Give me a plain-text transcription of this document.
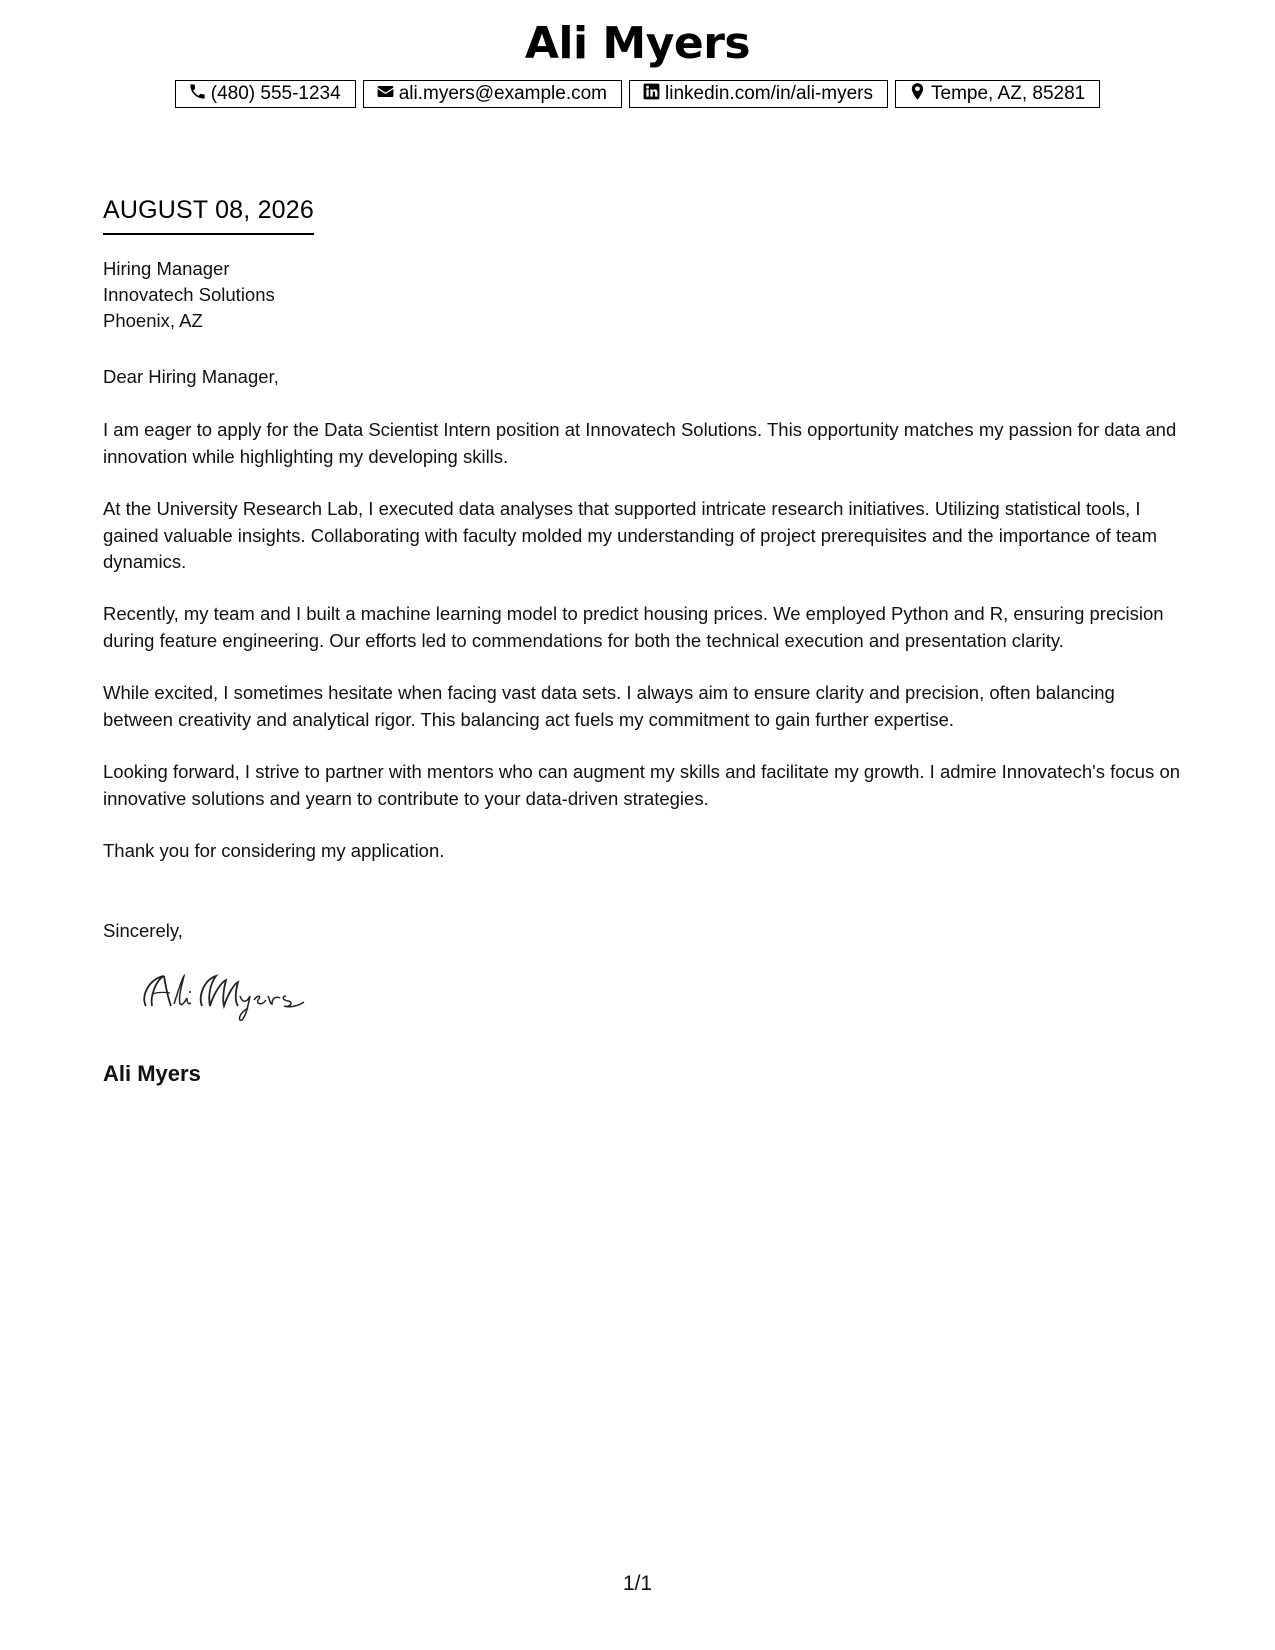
Ali Myers
(480) 555-1234	ali.myers@example.com	linkedin.com/in/ali-myers	Tempe, AZ, 85281
AUGUST 08, 2026
Hiring Manager
Innovatech Solutions
Phoenix, AZ
Dear Hiring Manager,
I am eager to apply for the Data Scientist Intern position at Innovatech Solutions. This opportunity matches my passion for data and innovation while highlighting my developing skills.
At the University Research Lab, I executed data analyses that supported intricate research initiatives. Utilizing statistical tools, I gained valuable insights. Collaborating with faculty molded my understanding of project prerequisites and the importance of team dynamics.
Recently, my team and I built a machine learning model to predict housing prices. We employed Python and R, ensuring precision during feature engineering. Our efforts led to commendations for both the technical execution and presentation clarity.
While excited, I sometimes hesitate when facing vast data sets. I always aim to ensure clarity and precision, often balancing between creativity and analytical rigor. This balancing act fuels my commitment to gain further expertise.
Looking forward, I strive to partner with mentors who can augment my skills and facilitate my growth. I admire Innovatech's focus on innovative solutions and yearn to contribute to your data-driven strategies.
Thank you for considering my application.
Sincerely,
Ali Myers
1/1
